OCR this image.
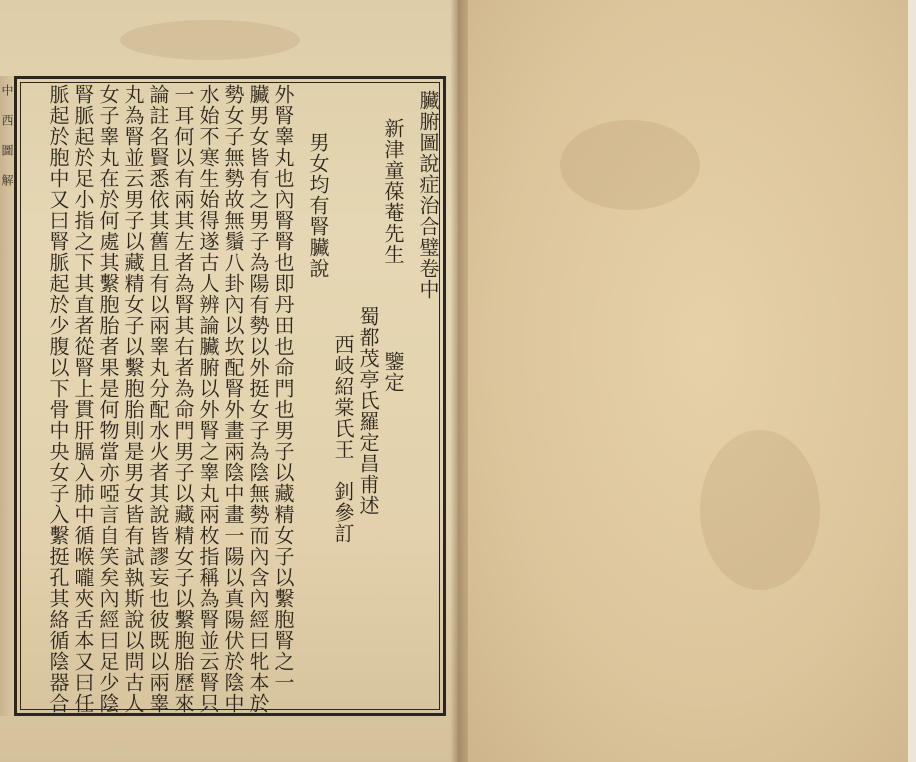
中西圖解	臟腑圖說症治合璧卷中
新津童葆菴先生鑒定
蜀都茂亭氏羅定昌甫述
西岐紹棠氏王　釗參訂
男女均有腎臟說
外腎睾丸也內腎腎也即丹田也命門也男子以藏精女子以繫胞腎之一
臟男女皆有之男子為陽有勢以外挺女子為陰無勢而內含內經曰牝本於
勢女子無勢故無鬚八卦內以坎配腎外畫兩陰中畫一陽以真陽伏於陰中
水始不寒生始得遂古人辨論臟腑以外腎之睾丸兩枚指稱為腎並云腎只
一耳何以有兩其左者為腎其右者為命門男子以藏精女子以繫胞胎歷來
論註名賢悉依其舊且有以兩睾丸分配水火者其說皆謬妄也彼既以兩睾
丸為腎並云男子以藏精女子以繫胞胎則是男女皆有試執斯說以問古人
女子睾丸在於何處其繫胞胎者果是何物當亦啞言自笑矣內經曰足少陰
腎脈起於足小指之下其直者從腎上貫肝膈入肺中循喉嚨夾舌本又曰任
脈起於胞中又曰腎脈起於少腹以下骨中央女子入繫挺孔其絡循陰器合
